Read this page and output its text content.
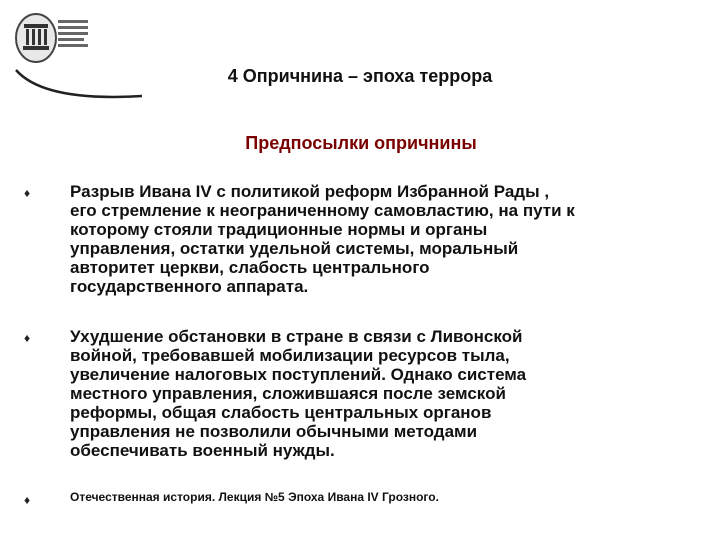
4 Опричнина – эпоха террора
Предпосылки опричнины
♦ Разрыв Ивана IV с политикой реформ Избранной Рады ,
его стремление к неограниченному самовластию, на пути к
которому стояли традиционные нормы и органы
управления, остатки удельной системы, моральный
авторитет церкви, слабость центрального
государственного аппарата.
♦ Ухудшение обстановки в стране в связи с Ливонской
войной, требовавшей мобилизации ресурсов тыла,
увеличение налоговых поступлений. Однако система
местного управления, сложившаяся после земской
реформы, общая слабость центральных органов
управления не позволили обычными методами
обеспечивать военный нужды.
♦	Отечественная история. Лекция №5 Эпоха Ивана IV Грозного.
